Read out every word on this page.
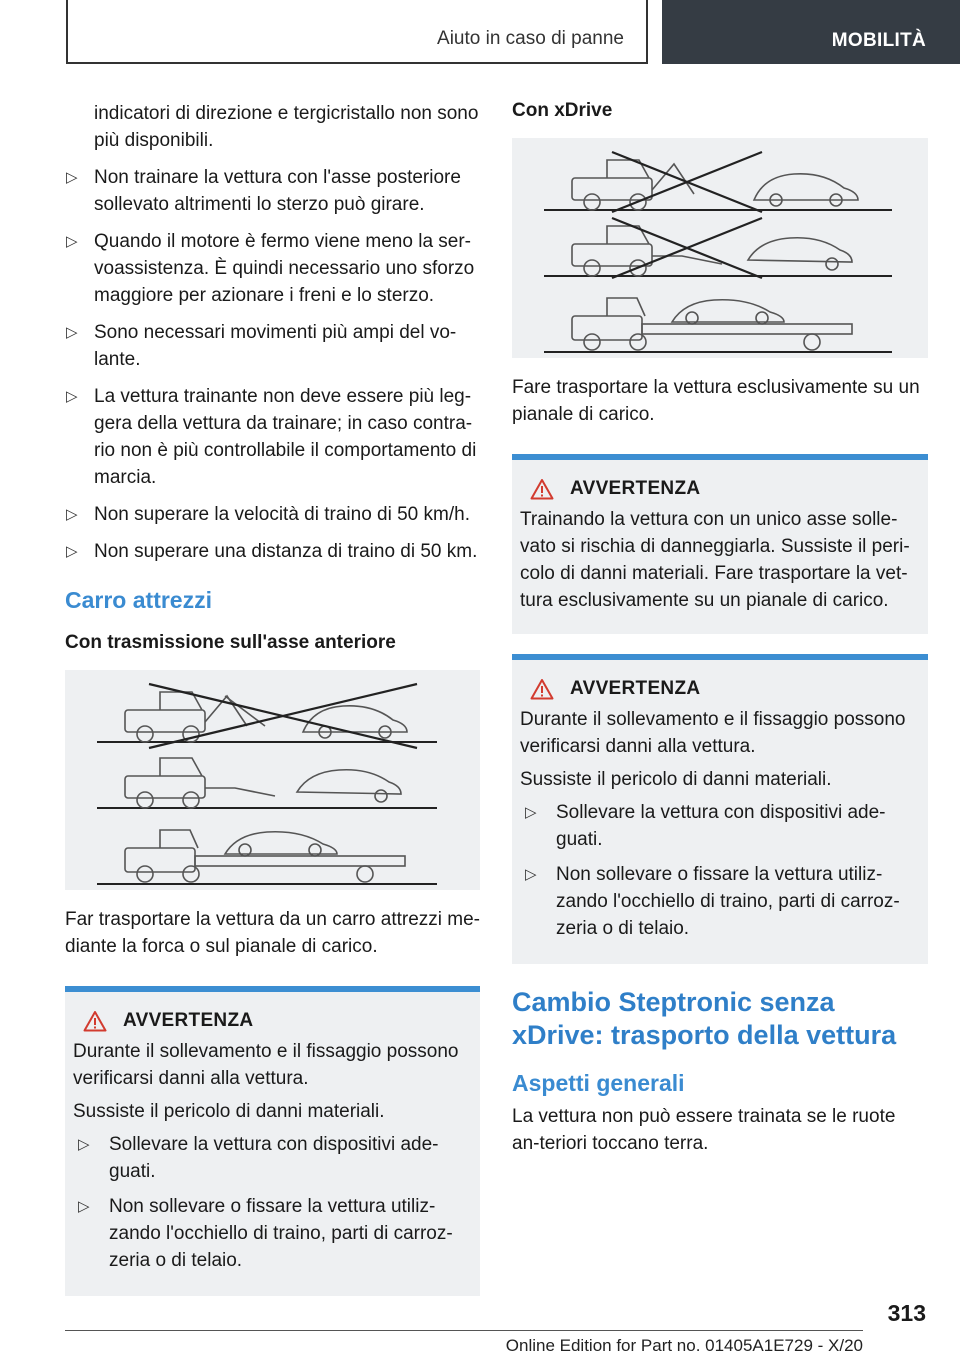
Aiuto in caso di panne	MOBILITÀ

indicatori di direzione e tergicristallo non sono più disponibili.

▷ Non trainare la vettura con l'asse posteriore sollevato altrimenti lo sterzo può girare.
▷ Quando il motore è fermo viene meno la ser-voassistenza. È quindi necessario uno sforzo maggiore per azionare i freni e lo sterzo.
▷ Sono necessari movimenti più ampi del vo-lante.
▷ La vettura trainante non deve essere più leg-gera della vettura da trainare; in caso contra-rio non è più controllabile il comportamento di marcia.
▷ Non superare la velocità di traino di 50 km/h.
▷ Non superare una distanza di traino di 50 km.
Carro attrezzi
Con trasmissione sull'asse anteriore

Far trasportare la vettura da un carro attrezzi me-diante la forca o sul pianale di carico.

AVVERTENZA

Durante il sollevamento e il fissaggio possono verificarsi danni alla vettura.

Sussiste il pericolo di danni materiali.

▷ Sollevare la vettura con dispositivi ade-guati.
▷ Non sollevare o fissare la vettura utiliz-zando l'occhiello di traino, parti di carroz-zeria o di telaio.
Con xDrive

Fare trasportare la vettura esclusivamente su un pianale di carico.

AVVERTENZA

Trainando la vettura con un unico asse solle-vato si rischia di danneggiarla. Sussiste il peri-colo di danni materiali. Fare trasportare la vet-tura esclusivamente su un pianale di carico.

AVVERTENZA

Durante il sollevamento e il fissaggio possono verificarsi danni alla vettura.

Sussiste il pericolo di danni materiali.

▷ Sollevare la vettura con dispositivi ade-guati.
▷ Non sollevare o fissare la vettura utiliz-zando l'occhiello di traino, parti di carroz-zeria o di telaio.
Cambio Steptronic senza xDrive: trasporto della vettura
Aspetti generali

La vettura non può essere trainata se le ruote an-teriori toccano terra.

313
Online Edition for Part no. 01405A1E729 - X/20
